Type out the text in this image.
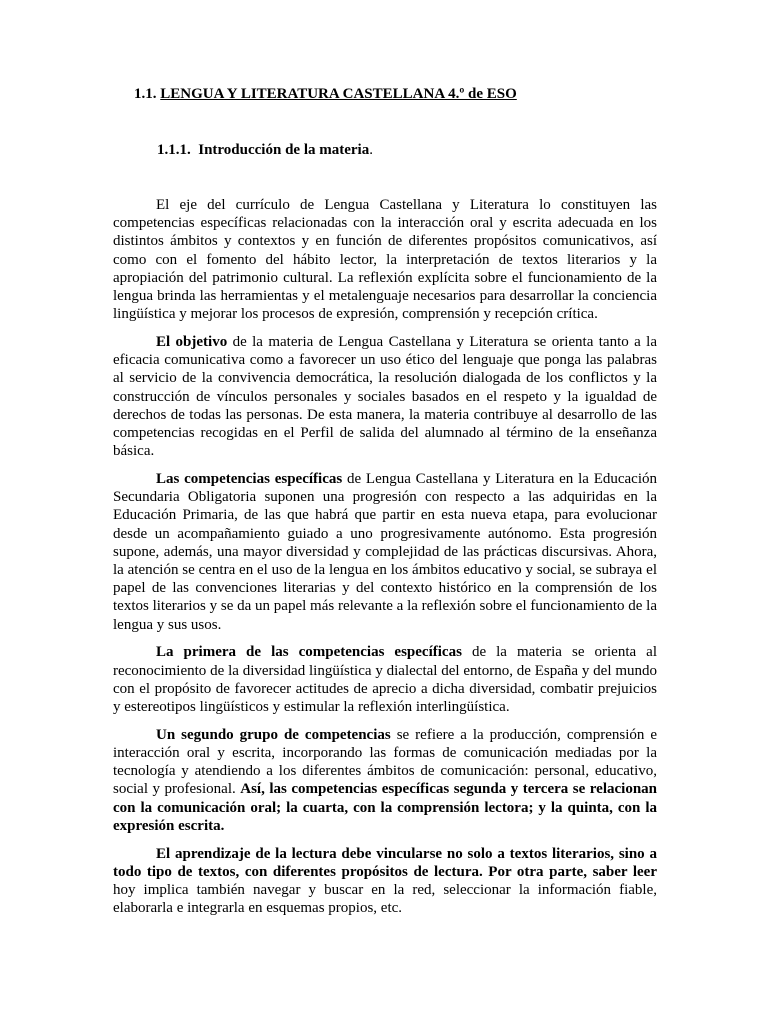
1.1. LENGUA Y LITERATURA CASTELLANA 4.º de ESO
1.1.1. Introducción de la materia.

El eje del currículo de Lengua Castellana y Literatura lo constituyen las competencias específicas relacionadas con la interacción oral y escrita adecuada en los distintos ámbitos y contextos y en función de diferentes propósitos comunicativos, así como con el fomento del hábito lector, la interpretación de textos literarios y la apropiación del patrimonio cultural. La reflexión explícita sobre el funcionamiento de la lengua brinda las herramientas y el metalenguaje necesarios para desarrollar la conciencia lingüística y mejorar los procesos de expresión, comprensión y recepción crítica.

El objetivo de la materia de Lengua Castellana y Literatura se orienta tanto a la eficacia comunicativa como a favorecer un uso ético del lenguaje que ponga las palabras al servicio de la convivencia democrática, la resolución dialogada de los conflictos y la construcción de vínculos personales y sociales basados en el respeto y la igualdad de derechos de todas las personas. De esta manera, la materia contribuye al desarrollo de las competencias recogidas en el Perfil de salida del alumnado al término de la enseñanza básica.

Las competencias específicas de Lengua Castellana y Literatura en la Educación Secundaria Obligatoria suponen una progresión con respecto a las adquiridas en la Educación Primaria, de las que habrá que partir en esta nueva etapa, para evolucionar desde un acompañamiento guiado a uno progresivamente autónomo. Esta progresión supone, además, una mayor diversidad y complejidad de las prácticas discursivas. Ahora, la atención se centra en el uso de la lengua en los ámbitos educativo y social, se subraya el papel de las convenciones literarias y del contexto histórico en la comprensión de los textos literarios y se da un papel más relevante a la reflexión sobre el funcionamiento de la lengua y sus usos.

La primera de las competencias específicas de la materia se orienta al reconocimiento de la diversidad lingüística y dialectal del entorno, de España y del mundo con el propósito de favorecer actitudes de aprecio a dicha diversidad, combatir prejuicios y estereotipos lingüísticos y estimular la reflexión interlingüística.

Un segundo grupo de competencias se refiere a la producción, comprensión e interacción oral y escrita, incorporando las formas de comunicación mediadas por la tecnología y atendiendo a los diferentes ámbitos de comunicación: personal, educativo, social y profesional. Así, las competencias específicas segunda y tercera se relacionan con la comunicación oral; la cuarta, con la comprensión lectora; y la quinta, con la expresión escrita.

El aprendizaje de la lectura debe vincularse no solo a textos literarios, sino a todo tipo de textos, con diferentes propósitos de lectura. Por otra parte, saber leer hoy implica también navegar y buscar en la red, seleccionar la información fiable, elaborarla e integrarla en esquemas propios, etc.
